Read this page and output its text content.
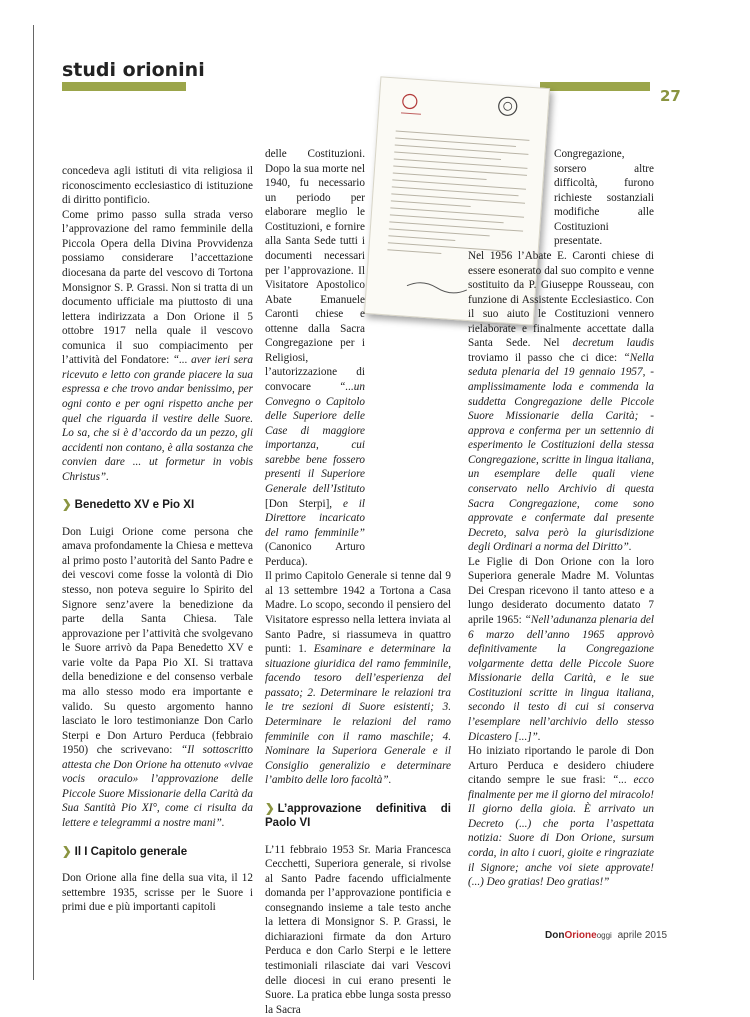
studi orionini
27

concedeva agli istituti di vita religiosa il riconoscimento ecclesiastico di istituzione di diritto pontificio.

Come primo passo sulla strada verso l’approvazione del ramo femminile della Piccola Opera della Divina Provvidenza possiamo considerare l’accettazione diocesana da parte del vescovo di Tortona Monsignor S. P. Grassi. Non si tratta di un documento ufficiale ma piuttosto di una lettera indirizzata a Don Orione il 5 ottobre 1917 nella quale il vescovo comunica il suo compiacimento per l’attività del Fondatore: “... aver ieri sera ricevuto e letto con grande piacere la sua espressa e che trovo andar benissimo, per ogni conto e per ogni rispetto anche per quel che riguarda il vestire delle Suore. Lo sa, che si è d’accordo da un pezzo, gli accidenti non contano, è alla sostanza che convien dare ... ut formetur in vobis Christus”.

❯ Benedetto XV e Pio XI

Don Luigi Orione come persona che amava profondamente la Chiesa e metteva al primo posto l’autorità del Santo Padre e dei vescovi come fosse la volontà di Dio stesso, non poteva seguire lo Spirito del Signore senz’avere la benedizione da parte della Santa Chiesa. Tale approvazione per l’attività che svolgevano le Suore arrivò da Papa Benedetto XV e varie volte da Papa Pio XI. Si trattava della benedizione e del consenso verbale ma allo stesso modo era importante e valido. Su questo argomento hanno lasciato le loro testimonianze Don Carlo Sterpi e Don Arturo Perduca (febbraio 1950) che scrivevano: “Il sottoscritto attesta che Don Orione ha ottenuto «vivae vocis oraculo» l’approvazione delle Piccole Suore Missionarie della Carità da Sua Santità Pio XI°, come ci risulta da lettere e telegrammi a nostre mani”.

❯ Il I Capitolo generale

Don Orione alla fine della sua vita, il 12 settembre 1935, scrisse per le Suore i primi due e più importanti capitoli

delle Costituzioni. Dopo la sua morte nel 1940, fu necessario un periodo per elaborare meglio le Costituzioni, e fornire alla Santa Sede tutti i documenti necessari per l’approvazione. Il Visitatore Apostolico Abate Emanuele Caronti chiese e ottenne dalla Sacra Congregazione per i Religiosi, l’autorizzazione di convocare “...un Convegno o Capitolo delle Superiore delle Case di maggiore importanza, cui sarebbe bene fossero presenti il Superiore Generale dell’Istituto [Don Sterpi], e il Direttore incaricato del ramo femminile” (Canonico Arturo Perduca).

Il primo Capitolo Generale si tenne dal 9 al 13 settembre 1942 a Tortona a Casa Madre. Lo scopo, secondo il pensiero del Visitatore espresso nella lettera inviata al Santo Padre, si riassumeva in quattro punti: 1. Esaminare e determinare la situazione giuridica del ramo femminile, facendo tesoro dell’esperienza del passato; 2. Determinare le relazioni tra le tre sezioni di Suore esistenti; 3. Determinare le relazioni del ramo femminile con il ramo maschile; 4. Nominare la Superiora Generale e il Consiglio generalizio e determinare l’ambito delle loro facoltà”.

❯ L’approvazione definitiva di Paolo VI

L’11 febbraio 1953 Sr. Maria Francesca Cecchetti, Superiora generale, si rivolse al Santo Padre facendo ufficialmente domanda per l’approvazione pontificia e consegnando insieme a tale testo anche la lettera di Monsignor S. P. Grassi, le dichiarazioni firmate da don Arturo Perduca e don Carlo Sterpi e le lettere testimoniali rilasciate dai vari Vescovi delle diocesi in cui erano presenti le Suore. La pratica ebbe lunga sosta presso la Sacra

Congregazione, sorsero altre difficoltà, furono richieste sostanziali modifiche alle Costituzioni presentate.

Nel 1956 l’Abate E. Caronti chiese di essere esonerato dal suo compito e venne sostituito da P. Giuseppe Rousseau, con funzione di Assistente Ecclesiastico. Con il suo aiuto le Costituzioni vennero rielaborate e finalmente accettate dalla Santa Sede. Nel decretum laudis troviamo il passo che ci dice: “Nella seduta plenaria del 19 gennaio 1957, - amplissimamente loda e commenda la suddetta Congregazione delle Piccole Suore Missionarie della Carità; - approva e conferma per un settennio di esperimento le Costituzioni della stessa Congregazione, scritte in lingua italiana, un esemplare delle quali viene conservato nello Archivio di questa Sacra Congregazione, come sono approvate e confermate dal presente Decreto, salva però la giurisdizione degli Ordinari a norma del Diritto”.

Le Figlie di Don Orione con la loro Superiora generale Madre M. Voluntas Dei Crespan ricevono il tanto atteso e a lungo desiderato documento datato 7 aprile 1965: “Nell’adunanza plenaria del 6 marzo dell’anno 1965 approvò definitivamente la Congregazione volgarmente detta delle Piccole Suore Missionarie della Carità, e le sue Costituzioni scritte in lingua italiana, secondo il testo di cui si conserva l’esemplare nell’archivio dello stesso Dicastero [...]”.

Ho iniziato riportando le parole di Don Arturo Perduca e desidero chiudere citando sempre le sue frasi: “... ecco finalmente per me il giorno del miracolo! Il giorno della gioia. È arrivato un Decreto (...) che porta l’aspettata notizia: Suore di Don Orione, sursum corda, in alto i cuori, gioite e ringraziate il Signore; anche voi siete approvate! (...) Deo gratias! Deo gratias!”

DonOrioneoggi aprile 2015
